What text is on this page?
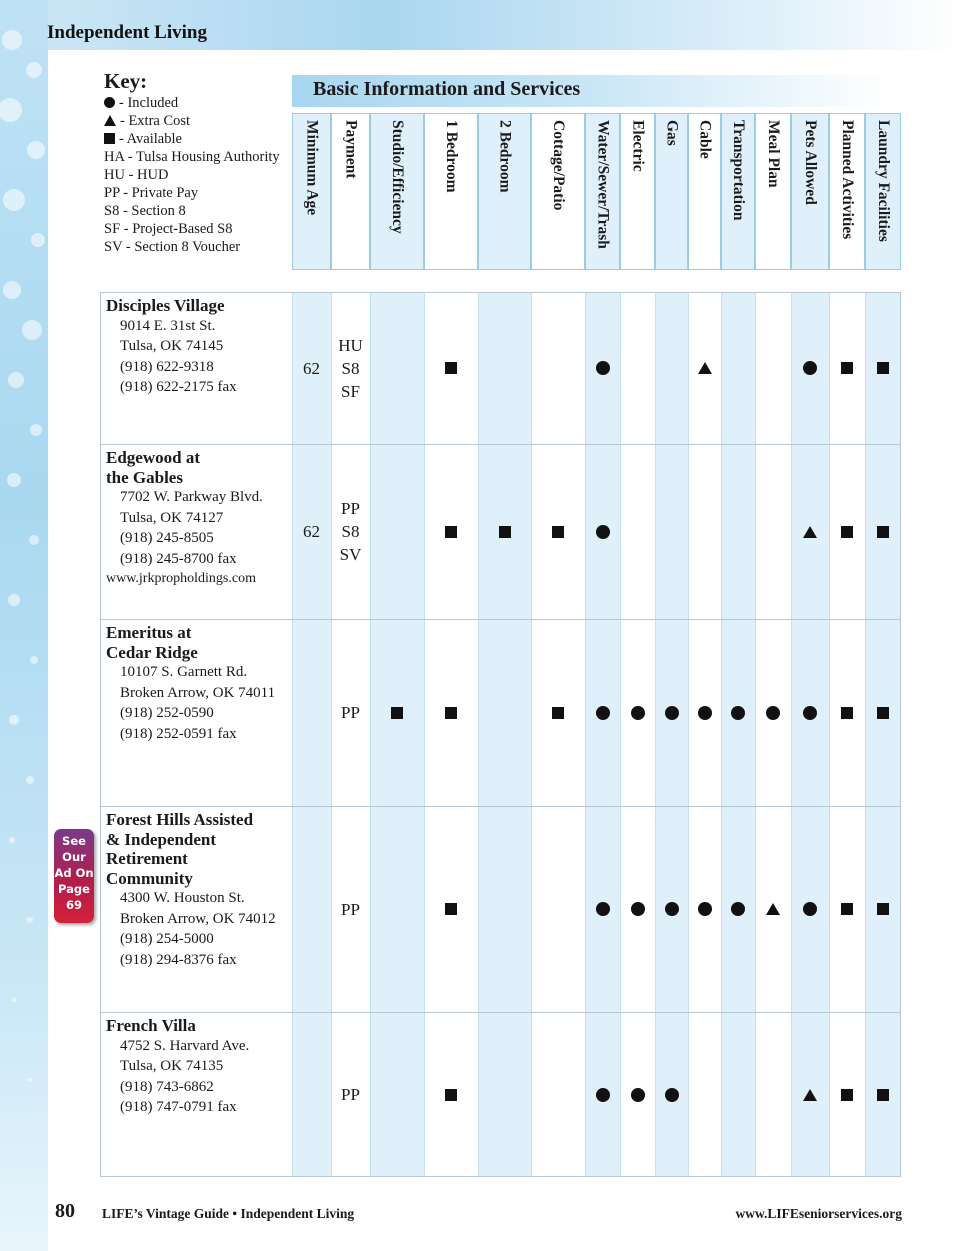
Independent Living
Key:
- Included
- Extra Cost
- Available
HA - Tulsa Housing Authority
HU - HUD
PP - Private Pay
S8 - Section 8
SF - Project-Based S8
SV - Section 8 Voucher
Basic Information and Services
Minimum Age Payment Studio/Efficiency 1 Bedroom 2 Bedroom Cottage/Patio Water/Sewer/Trash Electric Gas Cable Transportation Meal Plan Pets Allowed Planned Activities Laundry Facilities
Disciples Village
9014 E. 31st St.
Tulsa, OK 74145
(918) 622-9318
(918) 622-2175 fax
62
HU
S8
SF
Edgewood at
the Gables
7702 W. Parkway Blvd.
Tulsa, OK 74127
(918) 245-8505
(918) 245-8700 fax
www.jrkpropholdings.com
62
PP
S8
SV
Emeritus at
Cedar Ridge
10107 S. Garnett Rd.
Broken Arrow, OK 74011
(918) 252-0590
(918) 252-0591 fax
PP
Forest Hills Assisted
& Independent
Retirement
Community
4300 W. Houston St.
Broken Arrow, OK 74012
(918) 254-5000
(918) 294-8376 fax
PP
French Villa
4752 S. Harvard Ave.
Tulsa, OK 74135
(918) 743-6862
(918) 747-0791 fax
PP
See
Our
Ad On
Page
69
80 LIFE’s Vintage Guide • Independent Living	www.LIFEseniorservices.org
